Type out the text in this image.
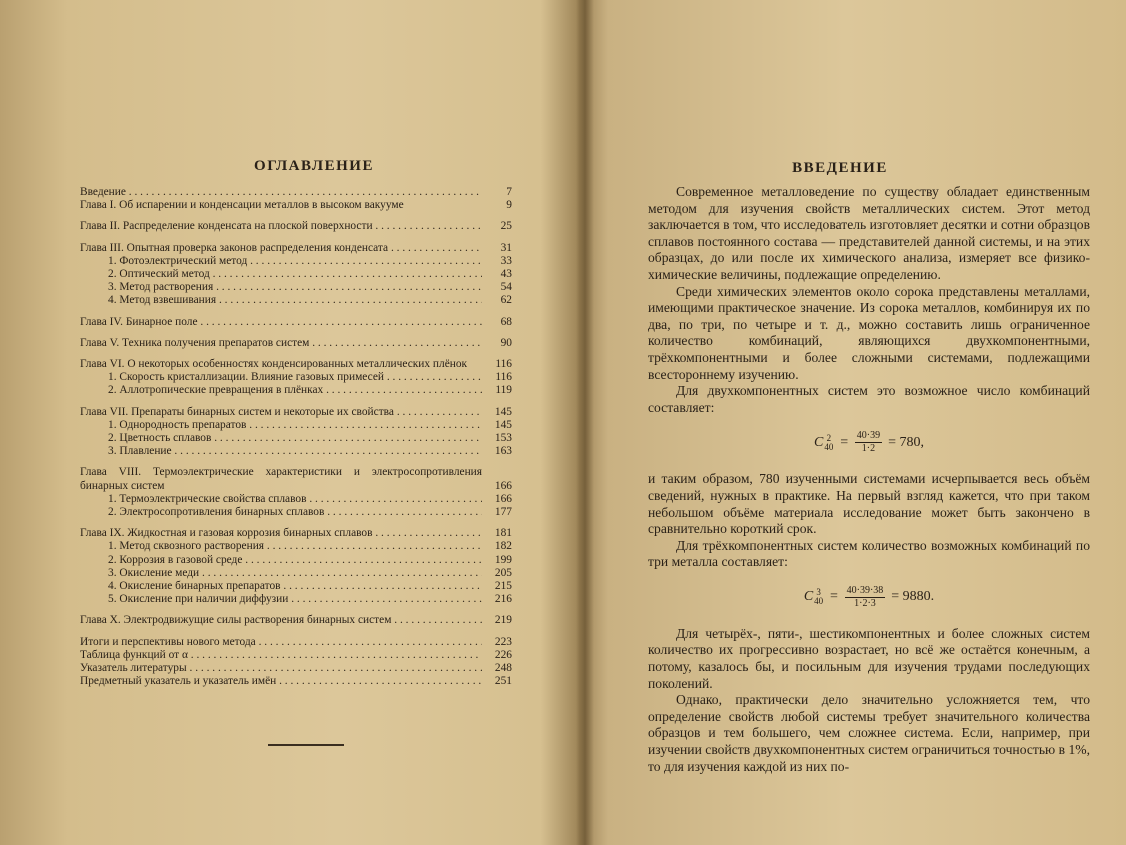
ОГЛАВЛЕНИЕ
Введение . . .	7
Глава I. Об испарении и конденсации металлов в высоком вакууме	9
Глава II. Распределение конденсата на плоской поверхности . . .	25
Глава III. Опытная проверка законов распределения конденсата . . .	31
1. Фотоэлектрический метод . . .	33
2. Оптический метод . . .	43
3. Метод растворения . . .	54
4. Метод взвешивания . . .	62
Глава IV. Бинарное поле . . .	68
Глава V. Техника получения препаратов систем . . .	90
Глава VI. О некоторых особенностях конденсированных металлических плёнок	116
1. Скорость кристаллизации. Влияние газовых примесей . . .	116
2. Аллотропические превращения в плёнках . . .	119
Глава VII. Препараты бинарных систем и некоторые их свойства . . .	145
1. Однородность препаратов . . .	145
2. Цветность сплавов . . .	153
3. Плавление . . .	163
Глава VIII. Термоэлектрические характеристики и электросопротивления бинарных систем	166
1. Термоэлектрические свойства сплавов . . .	166
2. Электросопротивления бинарных сплавов . . .	177
Глава IX. Жидкостная и газовая коррозия бинарных сплавов . . .	181
1. Метод сквозного растворения . . .	182
2. Коррозия в газовой среде . . .	199
3. Окисление меди . . .	205
4. Окисление бинарных препаратов . . .	215
5. Окисление при наличии диффузии . . .	216
Глава X. Электродвижущие силы растворения бинарных систем . . .	219
Итоги и перспективы нового метода . . .	223
Таблица функций от α . . .	226
Указатель литературы . . .	248
Предметный указатель и указатель имён . . .	251
ВВЕДЕНИЕ

Современное металловедение по существу обладает единственным методом для изучения свойств металлических систем. Этот метод заключается в том, что исследователь изготовляет десятки и сотни образцов сплавов постоянного состава — представителей данной системы, и на этих образцах, до или после их химического анализа, измеряет все физико-химические величины, подлежащие определению.

Среди химических элементов около сорока представлены металлами, имеющими практическое значение. Из сорока металлов, комбинируя их по два, по три, по четыре и т. д., можно составить лишь ограниченное количество комбинаций, являющихся двухкомпонентными, трёхкомпонентными и более сложными системами, подлежащими всестороннему изучению.

Для двухкомпонентных систем это возможное число комбинаций составляет:

C 2
$40 = \frac{40\cdot 39}{1\cdot 2} = 780$,

и таким образом, 780 изученными системами исчерпывается весь объём сведений, нужных в практике. На первый взгляд кажется, что при таком небольшом объёме материала исследование может быть закончено в сравнительно короткий срок.

Для трёхкомпонентных систем количество возможных комбинаций по три металла составляет:

C 3
$40 = \frac{40\cdot 39\cdot 38}{1\cdot 2\cdot 3} = 9880$.

Для четырёх-, пяти-, шестикомпонентных и более сложных систем количество их прогрессивно возрастает, но всё же остаётся конечным, а потому, казалось бы, и посильным для изучения трудами последующих поколений.

Однако, практически дело значительно усложняется тем, что определение свойств любой системы требует значительного количества образцов и тем большего, чем сложнее система. Если, например, при изучении свойств двухкомпонентных систем ограничиться точностью в 1%, то для изучения каждой из них по-
